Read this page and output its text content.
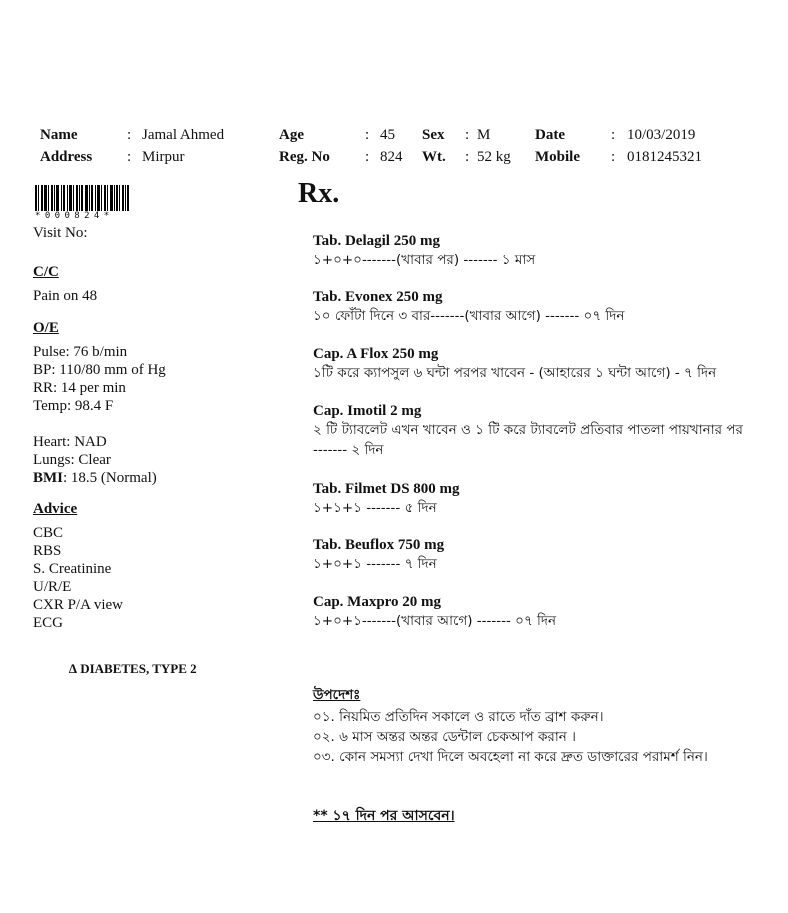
Name	: Jamal Ahmed	Age	: 45 Sex : M	Date	: 10/03/2019
Address : Mirpur	Reg. No : 824 Wt. : 52 kg Mobile : 0181245321
*000824*
Visit No:
C/C
Pain on 48
O/E
Pulse: 76 b/min
BP: 110/80 mm of Hg
RR: 14 per min
Temp: 98.4 F
Heart: NAD
Lungs: Clear
BMI: 18.5 (Normal)
Advice
CBC
RBS
S. Creatinine
U/R/E
CXR P/A view
ECG
∆ DIABETES, TYPE 2
Rx.
Tab. Delagil 250 mg
১+০+০-------(খাবার পর) ------- ১ মাস
Tab. Evonex 250 mg
১০ ফোঁটা দিনে ৩ বার-------(খাবার আগে) ------- ০৭ দিন
Cap. A Flox 250 mg
১টি করে ক্যাপসুল ৬ ঘন্টা পরপর খাবেন - (আহারের ১ ঘন্টা আগে) - ৭ দিন
Cap. Imotil 2 mg
২ টি ট্যাবলেট এখন খাবেন ও ১ টি করে ট্যাবলেট প্রতিবার পাতলা পায়খানার পর ------- ২ দিন
Tab. Filmet DS 800 mg
১+১+১ ------- ৫ দিন
Tab. Beuflox 750 mg
১+০+১ ------- ৭ দিন
Cap. Maxpro 20 mg
১+০+১-------(খাবার আগে) ------- ০৭ দিন
উপদেশঃ
০১. নিয়মিত প্রতিদিন সকালে ও রাতে দাঁত ব্রাশ করুন।
০২. ৬ মাস অন্তর অন্তর ডেন্টাল চেকআপ করান ।
০৩. কোন সমস্যা দেখা দিলে অবহেলা না করে দ্রুত ডাক্তারের পরামর্শ নিন।
** ১৭ দিন পর আসবেন।
